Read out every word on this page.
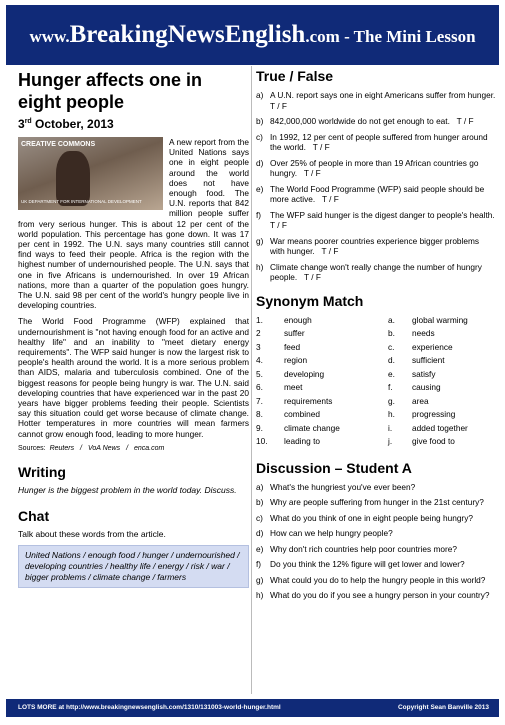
www.BreakingNewsEnglish.com - The Mini Lesson
Hunger affects one in eight people
3rd October, 2013
CREATIVE COMMONS
UK DEPARTMENT FOR INTERNATIONAL DEVELOPMENT
A new report from the United Nations says one in eight people around the world does not have enough food. The U.N. reports that 842 million people suffer from very serious hunger. This is about 12 per cent of the world population. This percentage has gone down. It was 17 per cent in 1992. The U.N. says many countries still cannot find ways to feed their people. Africa is the region with the highest number of undernourished people. The U.N. says that one in five Africans is undernourished. In over 19 African nations, more than a quarter of the population goes hungry. The U.N. said 98 per cent of the world's hungry people live in developing countries.
The World Food Programme (WFP) explained that undernourishment is "not having enough food for an active and healthy life" and an inability to "meet dietary energy requirements". The WFP said hunger is now the largest risk to people's health around the world. It is a more serious problem than AIDS, malaria and tuberculosis combined. One of the biggest reasons for people being hungry is war. The U.N. said developing countries that have experienced war in the past 20 years have bigger problems feeding their people. Scientists say this situation could get worse because of climate change. Hotter temperatures in more countries will mean farmers cannot grow enough food, leading to more hunger.
Sources: Reuters / VoA News / enca.com
Writing
Hunger is the biggest problem in the world today. Discuss.
Chat
Talk about these words from the article.
United Nations / enough food / hunger / undernourished / developing countries / healthy life / energy / risk / war / bigger problems / climate change / farmers
True / False
a) A U.N. report says one in eight Americans suffer from hunger.   T / F
b) 842,000,000 worldwide do not get enough to eat.   T / F
c) In 1992, 12 per cent of people suffered from hunger around the world.   T / F
d) Over 25% of people in more than 19 African countries go hungry.   T / F
e) The World Food Programme (WFP) said people should be more active.   T / F
f)	The WFP said hunger is the digest danger to people's health.   T / F
g) War means poorer countries experience bigger problems with hunger.   T / F
h) Climate change won't really change the number of hungry people.   T / F
Synonym Match
1.	enough	a.	global warming
2	suffer	b.	needs
3	feed	c.	experience
4.	region	d.	sufficient
5.	developing	e.	satisfy
6.	meet	f.	causing
7.	requirements	g.	area
8.	combined	h.	progressing
9.	climate change	i.	added together
10.	leading to	j.	give food to
Discussion – Student A
a) What's the hungriest you've ever been?
b) Why are people suffering from hunger in the 21st century?
c) What do you think of one in eight people being hungry?
d) How can we help hungry people?
e) Why don't rich countries help poor countries more?
f)	Do you think the 12% figure will get lower and lower?
g) What could you do to help the hungry people in this world?
h) What do you do if you see a hungry person in your country?
LOTS MORE at http://www.breakingnewsenglish.com/1310/131003-world-hunger.html	Copyright Sean Banville 2013
